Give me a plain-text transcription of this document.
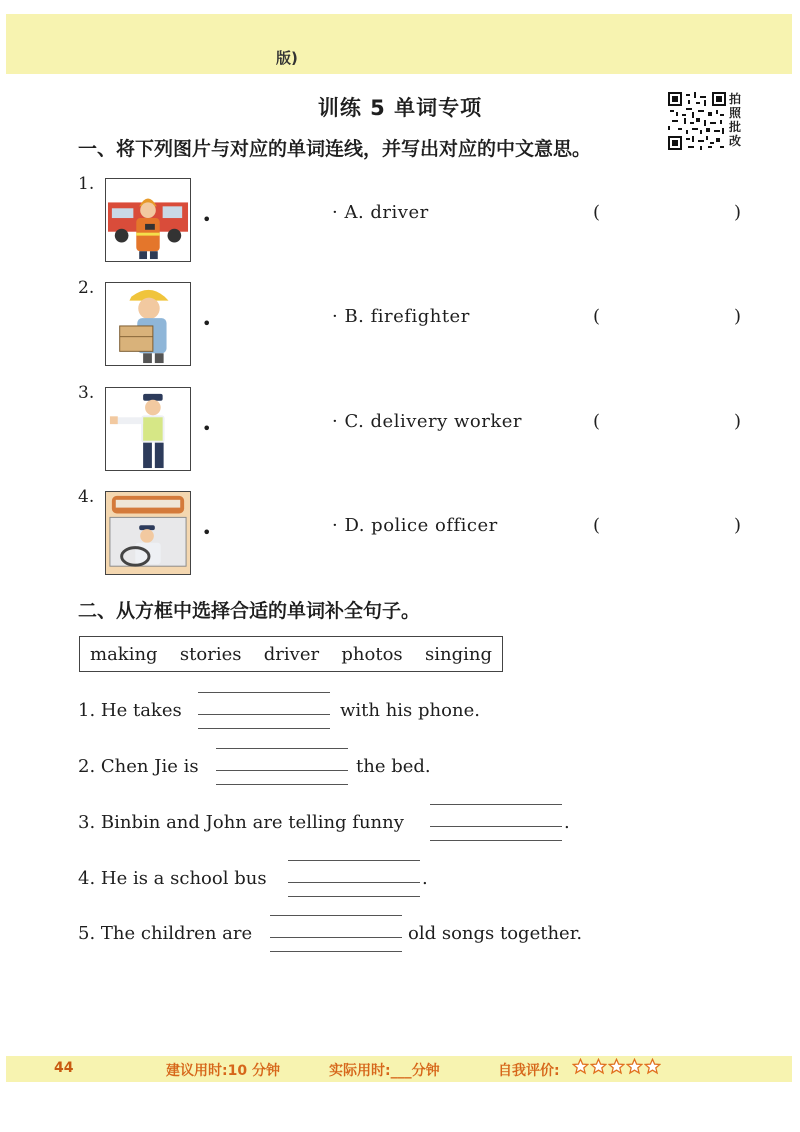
版)
训练 5 单词专项	拍
照
批
改
一、将下列图片与对应的单词连线，并写出对应的中文意思。
1.
•	· A. driver	(	)
2.
•	· B. firefighter	(	)
3.
•	· C. delivery worker	(	)
4.
•	· D. police officer	(	)
二、从方框中选择合适的单词补全句子。
making stories driver photos singing
1. He takes	with his phone.
2. Chen Jie is	the bed.
3. Binbin and John are telling funny	.
4. He is a school bus	.
5. The children are	old songs together.
44	建议用时:10 分钟	实际用时:___分钟	自我评价:
